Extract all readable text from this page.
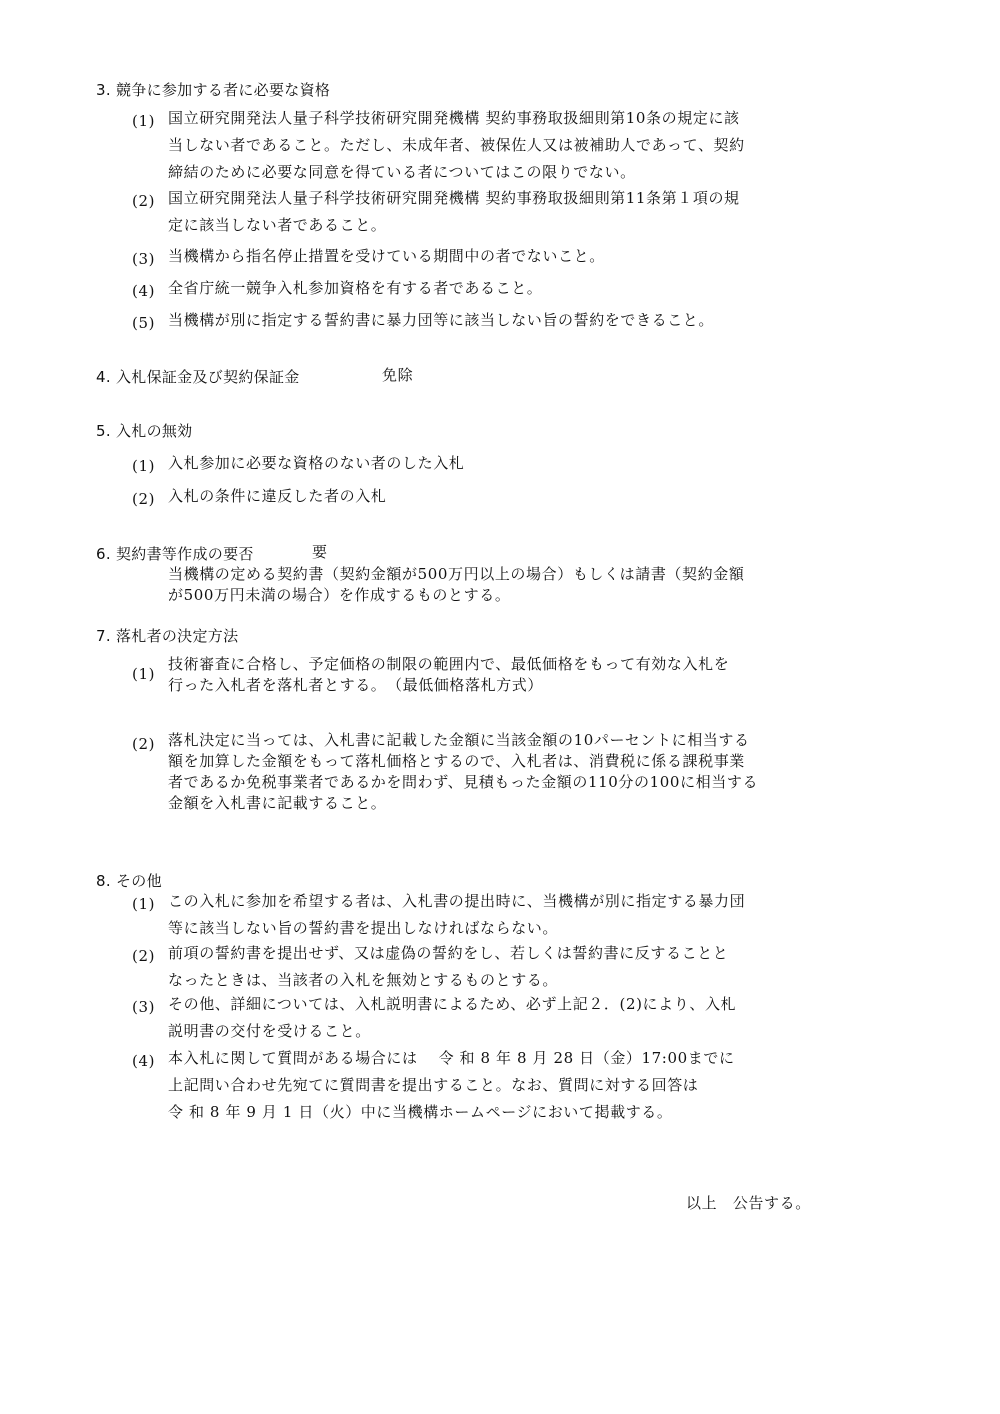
3. 競争に参加する者に必要な資格
(1) 国立研究開発法人量子科学技術研究開発機構 契約事務取扱細則第10条の規定に該
当しない者であること。ただし、未成年者、被保佐人又は被補助人であって、契約
締結のために必要な同意を得ている者についてはこの限りでない。
(2) 国立研究開発法人量子科学技術研究開発機構 契約事務取扱細則第11条第１項の規
定に該当しない者であること。
(3) 当機構から指名停止措置を受けている期間中の者でないこと。
(4) 全省庁統一競争入札参加資格を有する者であること。
(5) 当機構が別に指定する誓約書に暴力団等に該当しない旨の誓約をできること。
4. 入札保証金及び契約保証金	免除
5. 入札の無効
(1) 入札参加に必要な資格のない者のした入札
(2) 入札の条件に違反した者の入札
6. 契約書等作成の要否	要
当機構の定める契約書（契約金額が500万円以上の場合）もしくは請書（契約金額
が500万円未満の場合）を作成するものとする。
7. 落札者の決定方法
(1)
技術審査に合格し、予定価格の制限の範囲内で、最低価格をもって有効な入札を
行った入札者を落札者とする。　（最低価格落札方式）
(2) 落札決定に当っては、入札書に記載した金額に当該金額の10パーセントに相当する
額を加算した金額をもって落札価格とするので、入札者は、消費税に係る課税事業
者であるか免税事業者であるかを問わず、見積もった金額の110分の100に相当する
金額を入札書に記載すること。
8. その他
(1) この入札に参加を希望する者は、入札書の提出時に、当機構が別に指定する暴力団
等に該当しない旨の誓約書を提出しなければならない。
(2) 前項の誓約書を提出せず、又は虚偽の誓約をし、若しくは誓約書に反することと
なったときは、当該者の入札を無効とするものとする。
(3) その他、詳細については、入札説明書によるため、必ず上記２．(2)により、入札
説明書の交付を受けること。
(4) 本入札に関して質問がある場合には　 令 和 8 年 8 月 28 日（金）17:00までに
上記問い合わせ先宛てに質問書を提出すること。なお、質問に対する回答は
令 和 8 年 9 月 1 日（火）中に当機構ホームページにおいて掲載する。
以上　公告する。
